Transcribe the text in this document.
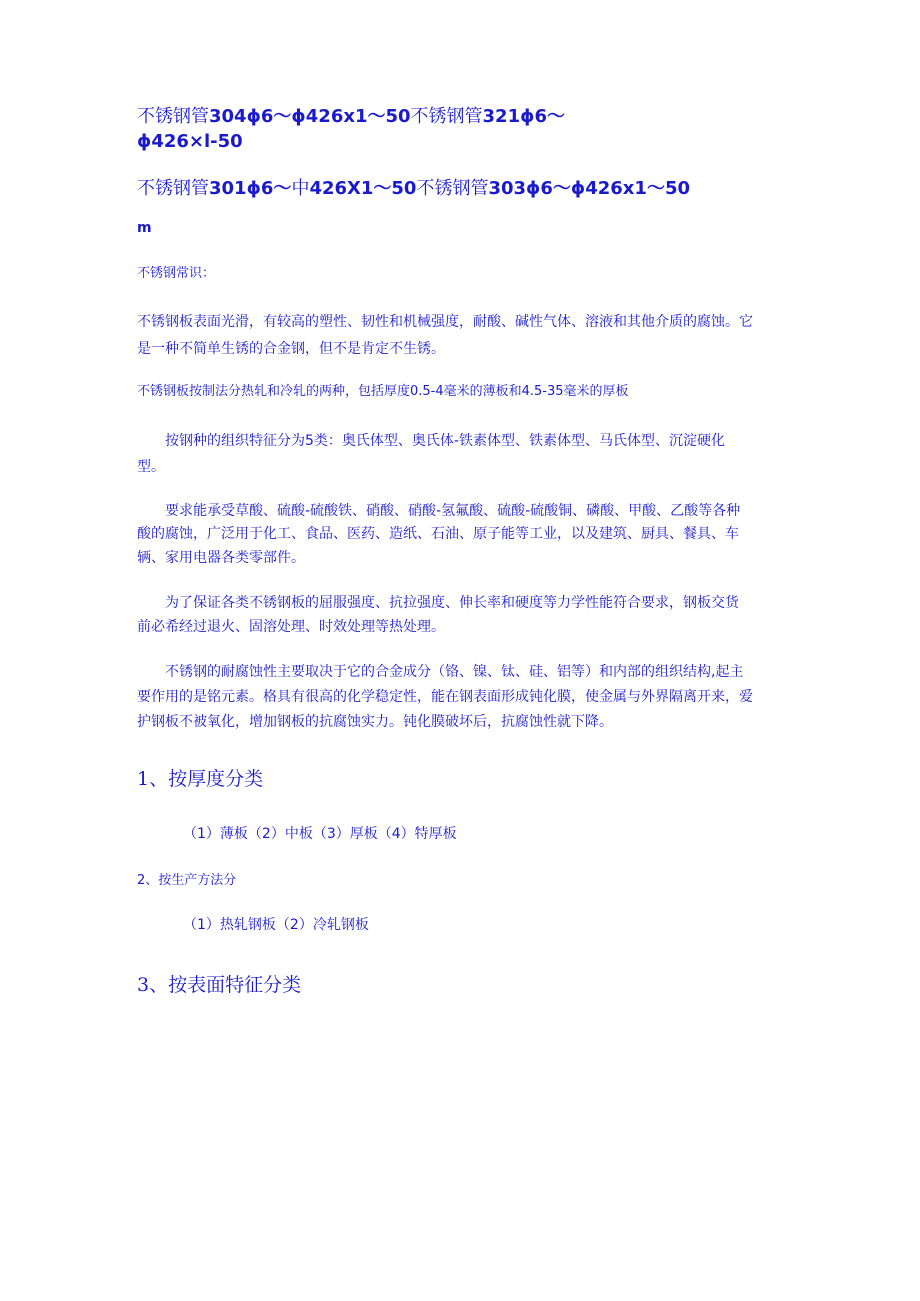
不锈钢管304ϕ6～ϕ426x1～50不锈钢管321ϕ6～
ϕ426×l-50
不锈钢管301ϕ6～中426X1～50不锈钢管303ϕ6～ϕ426x1～50
m
不锈钢常识：
不锈钢板表面光滑，有较高的塑性、韧性和机械强度，耐酸、碱性气体、溶液和其他介质的腐蚀。它
是一种不简单生锈的合金钢，但不是肯定不生锈。
不锈钢板按制法分热轧和冷轧的两种，包括厚度0.5-4毫米的薄板和4.5-35毫米的厚板
按钢种的组织特征分为5类：奥氏体型、奥氏体-铁素体型、铁素体型、马氏体型、沉淀硬化
型。
要求能承受草酸、硫酸-硫酸铁、硝酸、硝酸-氢氟酸、硫酸-硫酸铜、磷酸、甲酸、乙酸等各种
酸的腐蚀，广泛用于化工、食品、医药、造纸、石油、原子能等工业，以及建筑、厨具、餐具、车
辆、家用电器各类零部件。
为了保证各类不锈钢板的屈服强度、抗拉强度、伸长率和硬度等力学性能符合要求，钢板交货
前必希经过退火、固溶处理、时效处理等热处理。
不锈钢的耐腐蚀性主要取决于它的合金成分（铬、镍、钛、硅、铝等）和内部的组织结构,起主
要作用的是铭元素。格具有很高的化学稳定性，能在钢表面形成钝化膜，使金属与外界隔离开来，爱
护钢板不被氧化，增加钢板的抗腐蚀实力。钝化膜破坏后，抗腐蚀性就下降。
1、按厚度分类
（1）薄板（2）中板（3）厚板（4）特厚板
2、按生产方法分
（1）热轧钢板（2）冷轧钢板
3、按表面特征分类
